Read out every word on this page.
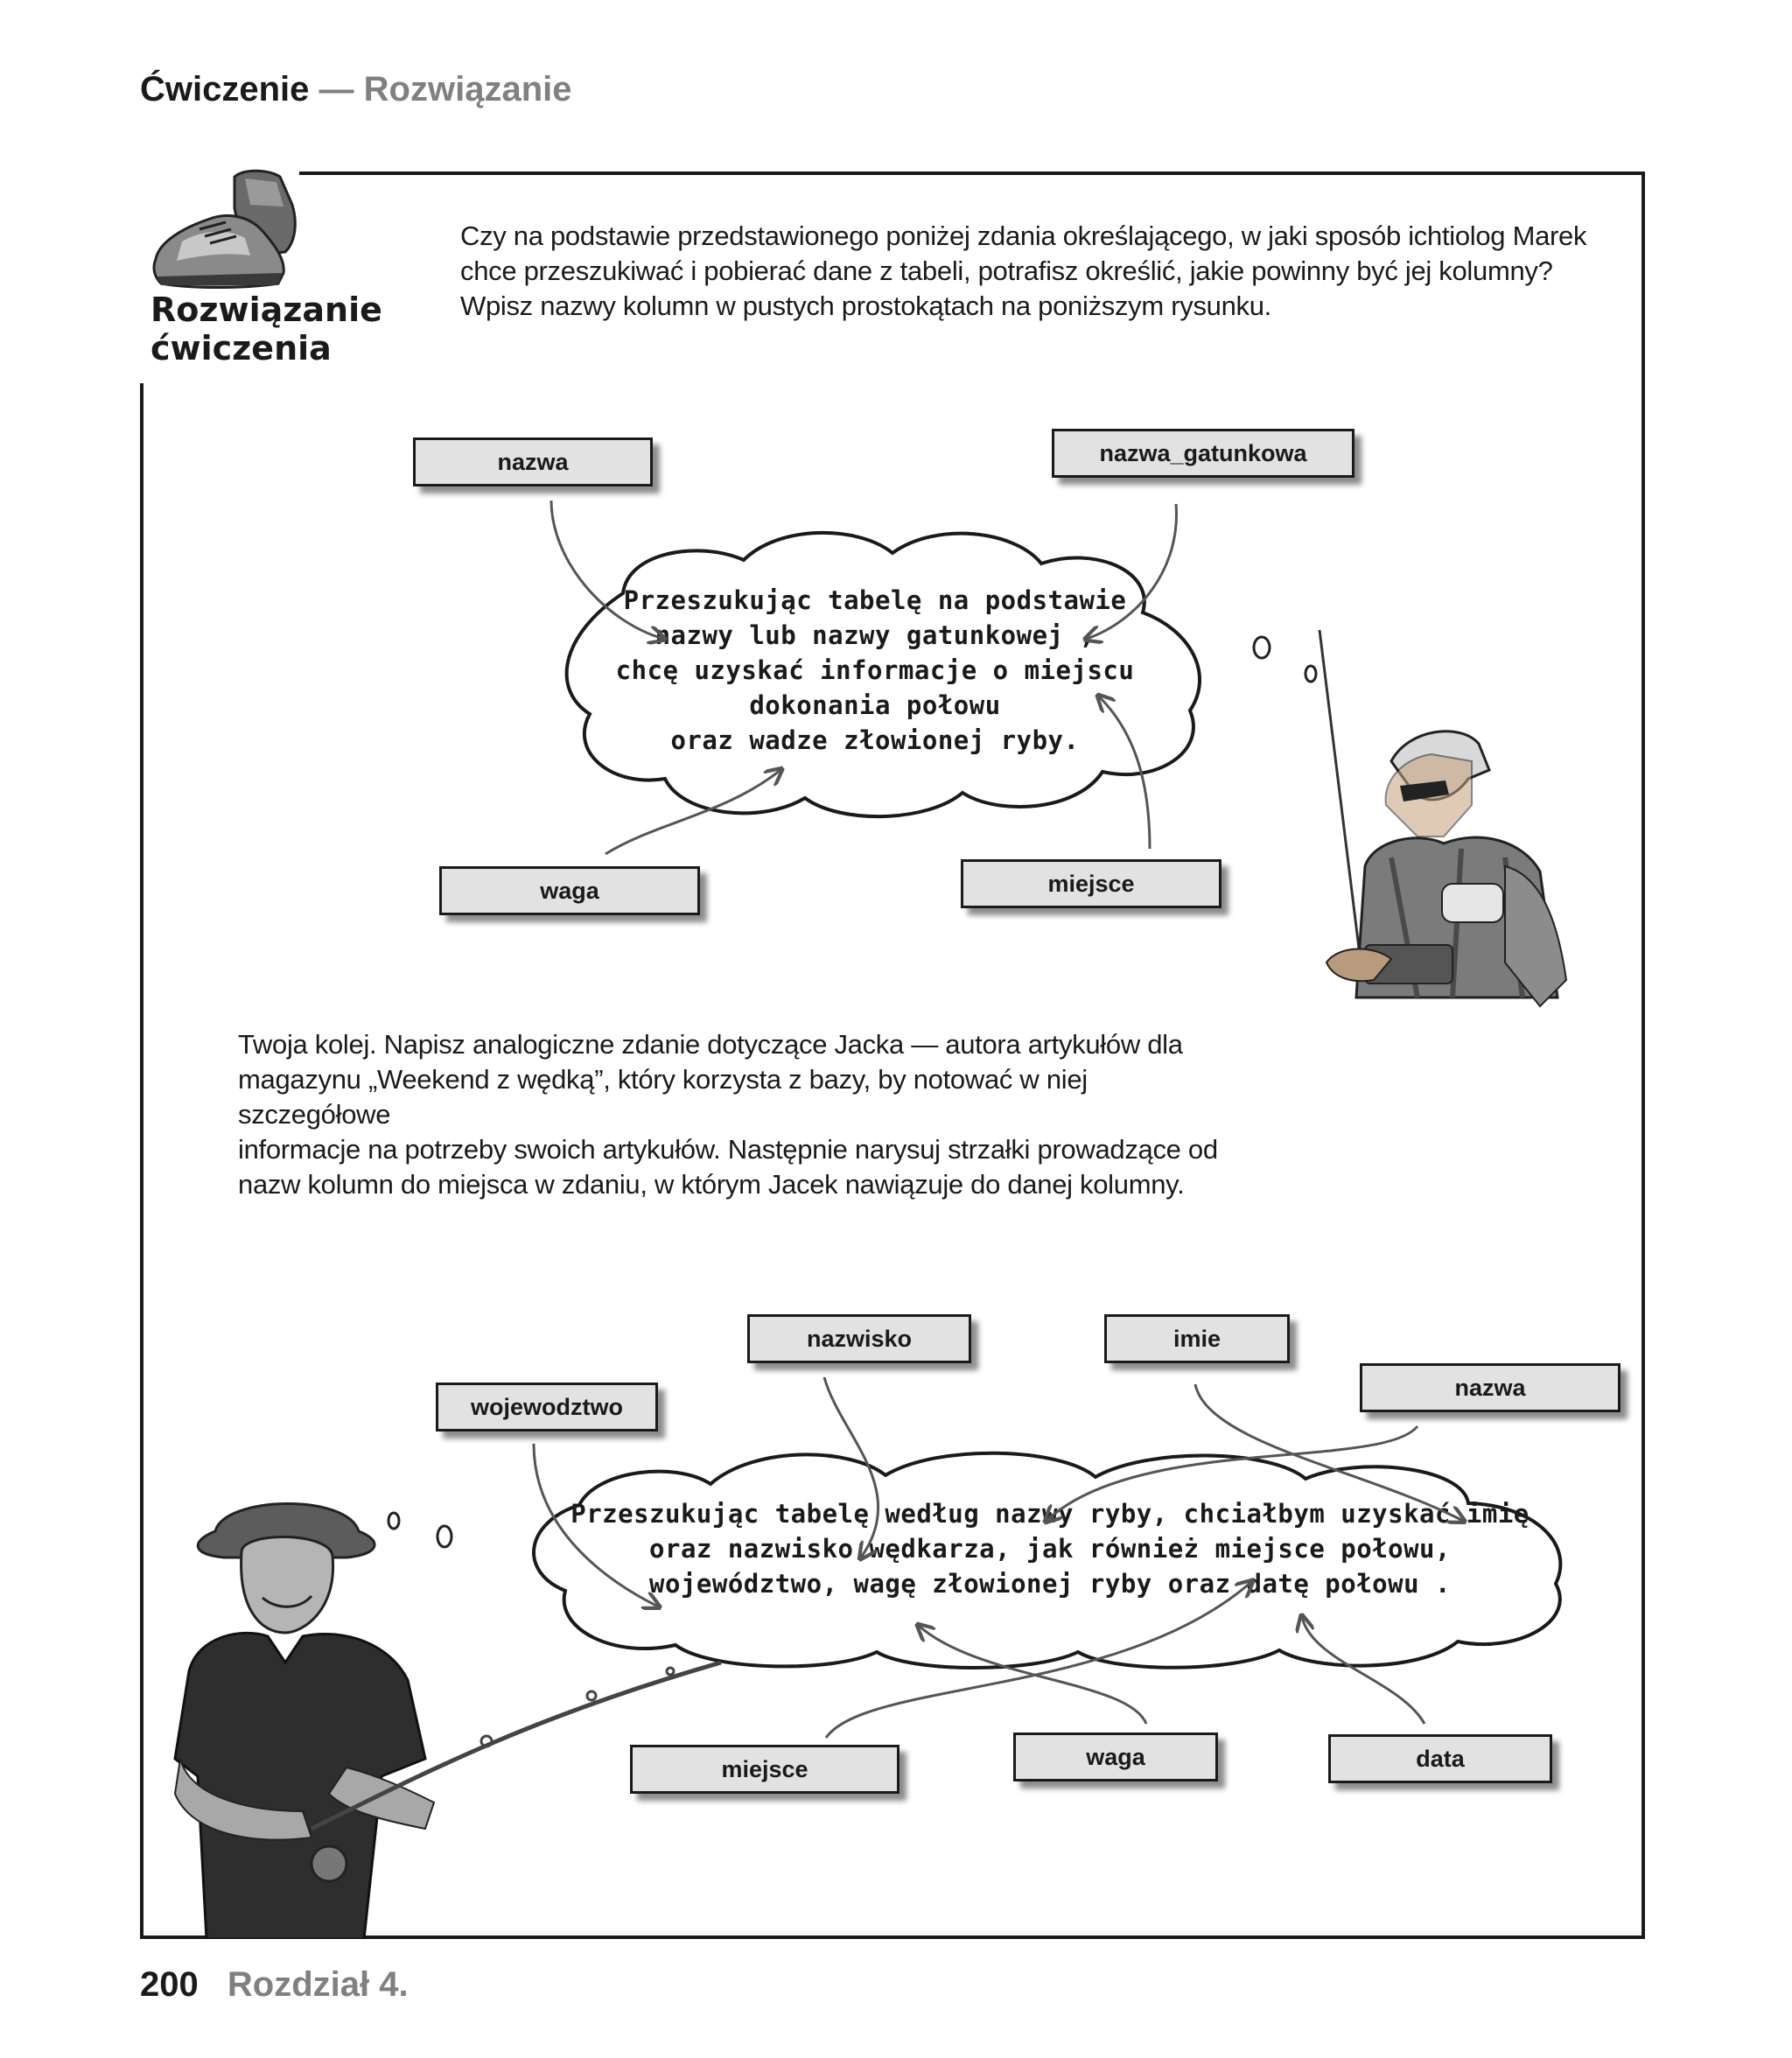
Ćwiczenie — Rozwiązanie
Rozwiązanie
ćwiczenia
Czy na podstawie przedstawionego poniżej zdania określającego, w jaki sposób ichtiolog Marek
chce przeszukiwać i pobierać dane z tabeli, potrafisz określić, jakie powinny być jej kolumny?
Wpisz nazwy kolumn w pustych prostokątach na poniższym rysunku.
Przeszukując tabelę na podstawie
nazwy lub nazwy gatunkowej ,
chcę uzyskać informacje o miejscu
dokonania połowu
oraz wadze złowionej ryby.
nazwa	nazwa_gatunkowa
waga	miejsce
Twoja kolej. Napisz analogiczne zdanie dotyczące Jacka — autora artykułów dla
magazynu „Weekend z wędką”, który korzysta z bazy, by notować w niej szczegółowe
informacje na potrzeby swoich artykułów. Następnie narysuj strzałki prowadzące od
nazw kolumn do miejsca w zdaniu, w którym Jacek nawiązuje do danej kolumny.
Przeszukując tabelę według nazwy ryby, chciałbym uzyskać imię
oraz nazwisko wędkarza, jak również miejsce połowu,
województwo, wagę złowionej ryby oraz datę połowu .
nazwisko	imie
nazwa
wojewodztwo
miejsce	waga	data
200 Rozdział 4.
